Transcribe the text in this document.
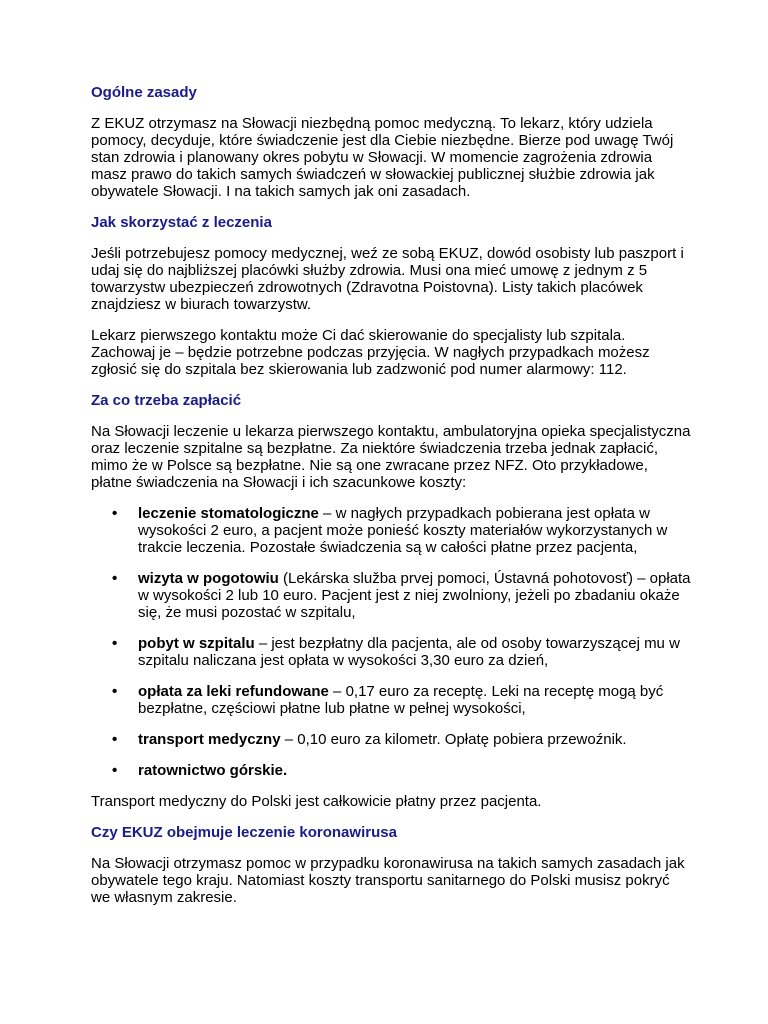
Ogólne zasady

Z EKUZ otrzymasz na Słowacji niezbędną pomoc medyczną. To lekarz, który udziela pomocy, decyduje, które świadczenie jest dla Ciebie niezbędne. Bierze pod uwagę Twój stan zdrowia i planowany okres pobytu w Słowacji. W momencie zagrożenia zdrowia masz prawo do takich samych świadczeń w słowackiej publicznej służbie zdrowia jak obywatele Słowacji. I na takich samych jak oni zasadach.

Jak skorzystać z leczenia

Jeśli potrzebujesz pomocy medycznej, weź ze sobą EKUZ, dowód osobisty lub paszport i udaj się do najbliższej placówki służby zdrowia. Musi ona mieć umowę z jednym z 5 towarzystw ubezpieczeń zdrowotnych (Zdravotna Poistovna). Listy takich placówek znajdziesz w biurach towarzystw.

Lekarz pierwszego kontaktu może Ci dać skierowanie do specjalisty lub szpitala. Zachowaj je – będzie potrzebne podczas przyjęcia. W nagłych przypadkach możesz zgłosić się do szpitala bez skierowania lub zadzwonić pod numer alarmowy: 112.

Za co trzeba zapłacić

Na Słowacji leczenie u lekarza pierwszego kontaktu, ambulatoryjna opieka specjalistyczna oraz leczenie szpitalne są bezpłatne. Za niektóre świadczenia trzeba jednak zapłacić, mimo że w Polsce są bezpłatne. Nie są one zwracane przez NFZ. Oto przykładowe, płatne świadczenia na Słowacji i ich szacunkowe koszty:

• leczenie stomatologiczne – w nagłych przypadkach pobierana jest opłata w wysokości 2 euro, a pacjent może ponieść koszty materiałów wykorzystanych w trakcie leczenia. Pozostałe świadczenia są w całości płatne przez pacjenta,
• wizyta w pogotowiu (Lekárska služba prvej pomoci, Ústavná pohotovosť) – opłata w wysokości 2 lub 10 euro. Pacjent jest z niej zwolniony, jeżeli po zbadaniu okaże się, że musi pozostać w szpitalu,
• pobyt w szpitalu – jest bezpłatny dla pacjenta, ale od osoby towarzyszącej mu w szpitalu naliczana jest opłata w wysokości 3,30 euro za dzień,
• opłata za leki refundowane – 0,17 euro za receptę. Leki na receptę mogą być bezpłatne, częściowi płatne lub płatne w pełnej wysokości,
• transport medyczny – 0,10 euro za kilometr. Opłatę pobiera przewoźnik.
• ratownictwo górskie.

Transport medyczny do Polski jest całkowicie płatny przez pacjenta.

Czy EKUZ obejmuje leczenie koronawirusa

Na Słowacji otrzymasz pomoc w przypadku koronawirusa na takich samych zasadach jak obywatele tego kraju. Natomiast koszty transportu sanitarnego do Polski musisz pokryć we własnym zakresie.
